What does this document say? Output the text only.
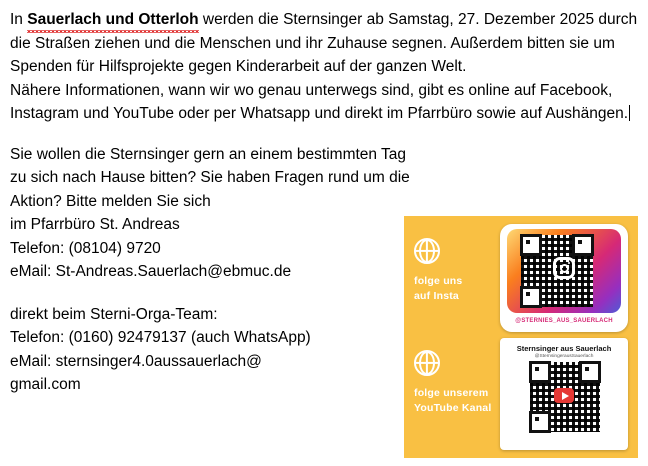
In Sauerlach und Otterloh werden die Sternsinger ab Samstag, 27. Dezember 2025 durch die Straßen ziehen und die Menschen und ihr Zuhause segnen. Außerdem bitten sie um Spenden für Hilfsprojekte gegen Kinderarbeit auf der ganzen Welt.

Nähere Informationen, wann wir wo genau unterwegs sind, gibt es online auf Facebook, Instagram und YouTube oder per Whatsapp und direkt im Pfarrbüro sowie auf Aushängen.

Sie wollen die Sternsinger gern an einem bestimmten Tag zu sich nach Hause bitten? Sie haben Fragen rund um die Aktion? Bitte melden Sie sich

im Pfarrbüro St. Andreas

Telefon: (08104) 9720

eMail: St-Andreas.Sauerlach@ebmuc.de

direkt beim Sterni-Orga-Team:

Telefon: (0160) 92479137 (auch WhatsApp)

eMail: sternsinger4.0aussauerlach@

gmail.com

folge uns
auf Insta
@STERNIES_AUS_SAUERLACH
folge unserem
YouTube Kanal
Sternsinger aus Sauerlach
@SternsingerausSauerlach
